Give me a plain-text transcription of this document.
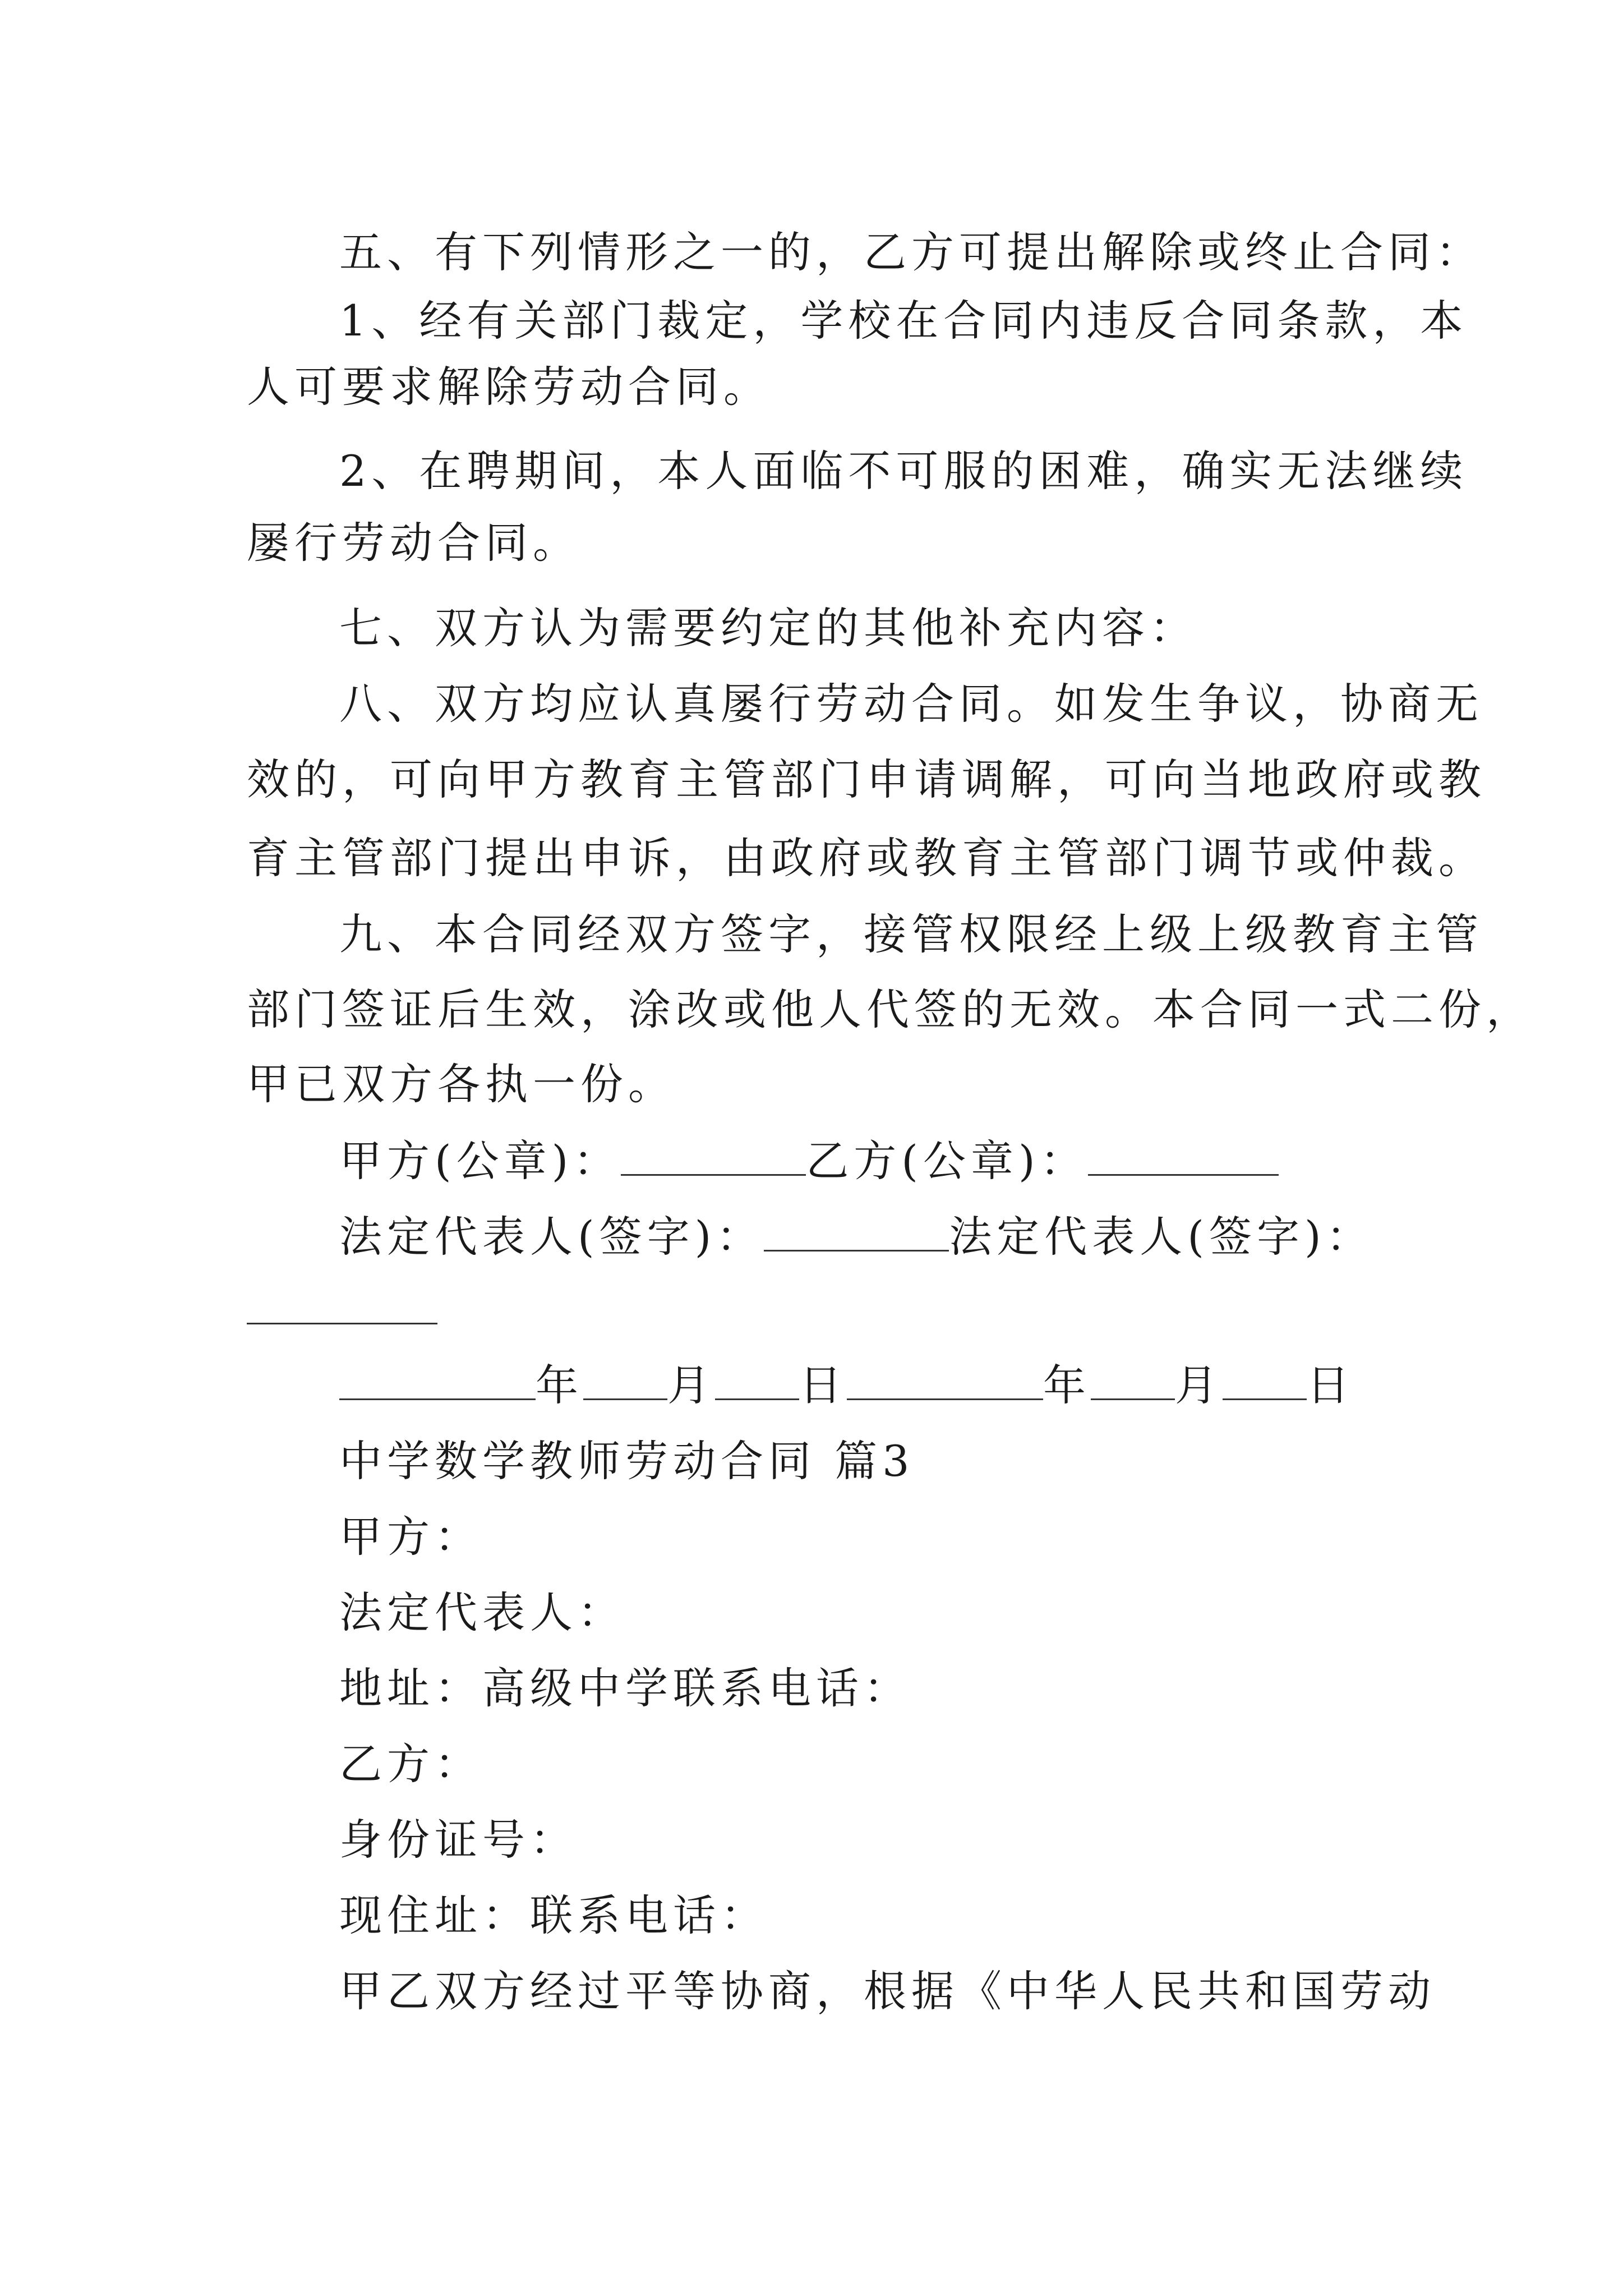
五、有下列情形之一的，乙方可提出解除或终止合同：
1、经有关部门裁定，学校在合同内违反合同条款，本
人可要求解除劳动合同。
2、在聘期间，本人面临不可服的困难，确实无法继续
屡行劳动合同。
七、双方认为需要约定的其他补充内容：
八、双方均应认真屡行劳动合同。如发生争议，协商无
效的，可向甲方教育主管部门申请调解，可向当地政府或教
育主管部门提出申诉，由政府或教育主管部门调节或仲裁。
九、本合同经双方签字，接管权限经上级上级教育主管
部门签证后生效，涂改或他人代签的无效。本合同一式二份，
甲已双方各执一份。
甲方(公章)：	乙方(公章)：
法定代表人(签字)：	法定代表人(签字)：
年 月 日	年 月 日
中学数学教师劳动合同 篇3
甲方：
法定代表人：
地址：高级中学联系电话：
乙方：
身份证号：
现住址：联系电话：
甲乙双方经过平等协商，根据《中华人民共和国劳动
